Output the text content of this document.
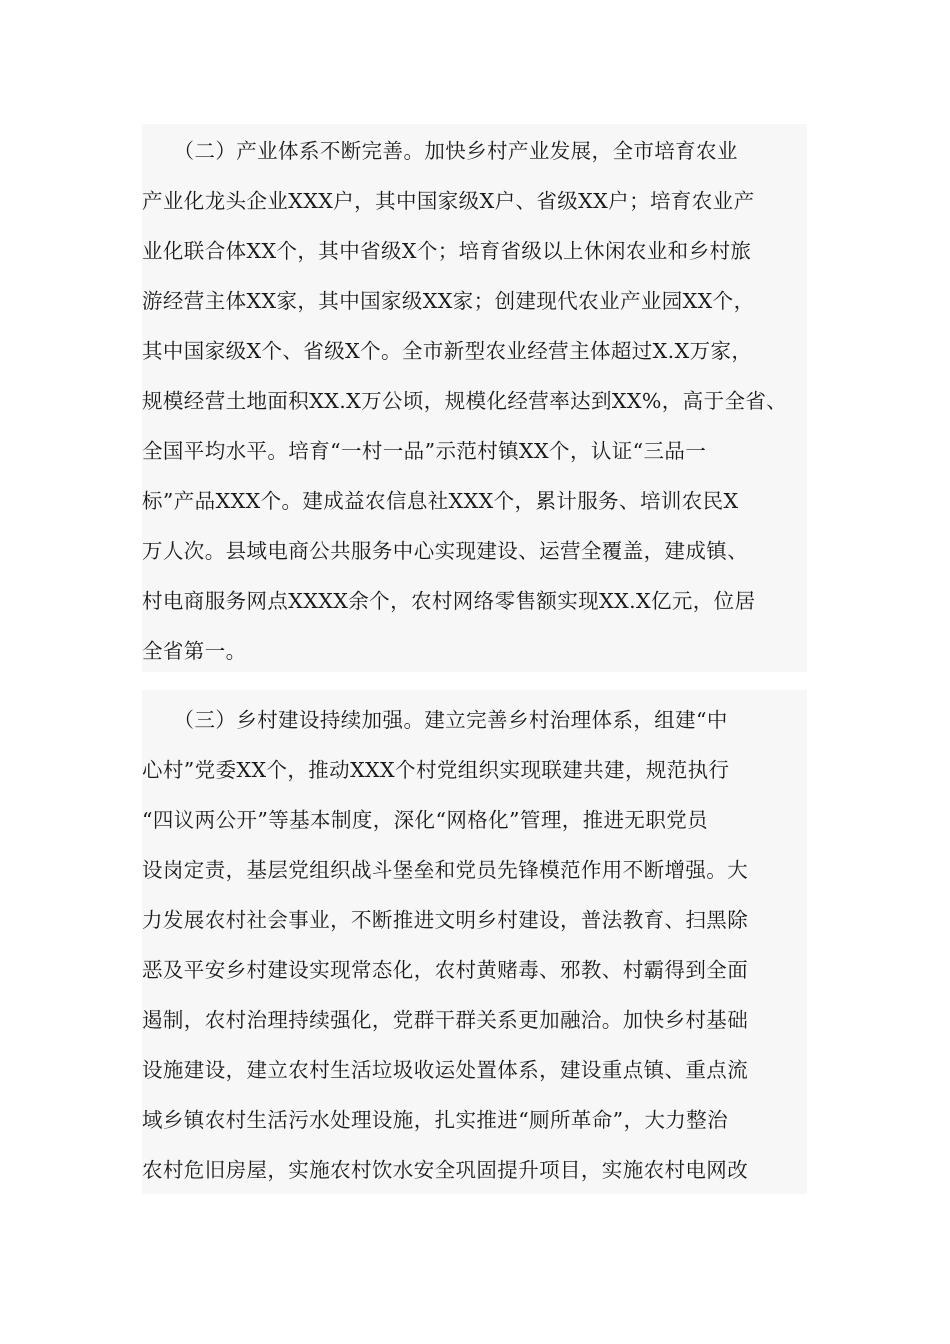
　　（二）产业体系不断完善。加快乡村产业发展，全市培育农业
产业化龙头企业XXX户，其中国家级X户、省级XX户；培育农业产
业化联合体XX个，其中省级X个；培育省级以上休闲农业和乡村旅
游经营主体XX家，其中国家级XX家；创建现代农业产业园XX个，
其中国家级X个、省级X个。全市新型农业经营主体超过X.X万家，
规模经营土地面积XX.X万公顷，规模化经营率达到XX%，高于全省、
全国平均水平。培育“一村一品”示范村镇XX个，认证“三品一
标”产品XXX个。建成益农信息社XXX个，累计服务、培训农民X
万人次。县域电商公共服务中心实现建设、运营全覆盖，建成镇、
村电商服务网点XXXX余个，农村网络零售额实现XX.X亿元，位居
全省第一。
　　（三）乡村建设持续加强。建立完善乡村治理体系，组建“中
心村”党委XX个，推动XXX个村党组织实现联建共建，规范执行
“四议两公开”等基本制度，深化“网格化”管理，推进无职党员
设岗定责，基层党组织战斗堡垒和党员先锋模范作用不断增强。大
力发展农村社会事业，不断推进文明乡村建设，普法教育、扫黑除
恶及平安乡村建设实现常态化，农村黄赌毒、邪教、村霸得到全面
遏制，农村治理持续强化，党群干群关系更加融洽。加快乡村基础
设施建设，建立农村生活垃圾收运处置体系，建设重点镇、重点流
域乡镇农村生活污水处理设施，扎实推进“厕所革命”，大力整治
农村危旧房屋，实施农村饮水安全巩固提升项目，实施农村电网改
